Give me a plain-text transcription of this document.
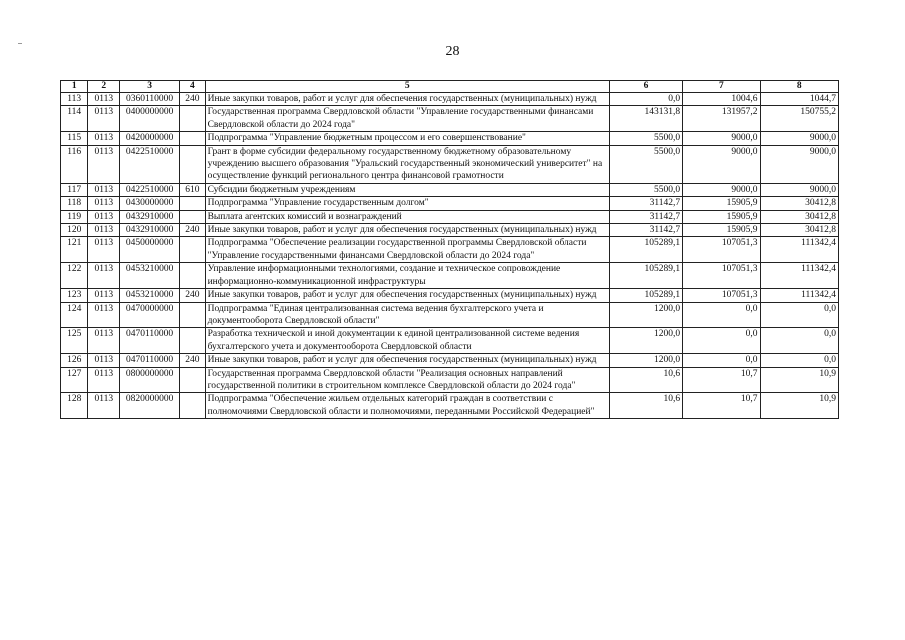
28
1	2	3	4	5	6	7	8
113	0113	0360110000	240	Иные закупки товаров, работ и услуг для обеспечения государственных (муниципальных) нужд	0,0	1004,6	1044,7
114	0113	0400000000		Государственная программа Свердловской области "Управление государственными финансами Свердловской области до 2024 года"	143131,8	131957,2	150755,2
115	0113	0420000000		Подпрограмма "Управление бюджетным процессом и его совершенствование"	5500,0	9000,0	9000,0
116	0113	0422510000		Грант в форме субсидии федеральному государственному бюджетному образовательному учреждению высшего образования "Уральский государственный экономический университет" на осуществление функций регионального центра финансовой грамотности	5500,0	9000,0	9000,0
117	0113	0422510000	610	Субсидии бюджетным учреждениям	5500,0	9000,0	9000,0
118	0113	0430000000		Подпрограмма "Управление государственным долгом"	31142,7	15905,9	30412,8
119	0113	0432910000		Выплата агентских комиссий и вознаграждений	31142,7	15905,9	30412,8
120	0113	0432910000	240	Иные закупки товаров, работ и услуг для обеспечения государственных (муниципальных) нужд	31142,7	15905,9	30412,8
121	0113	0450000000		Подпрограмма "Обеспечение реализации государственной программы Свердловской области "Управление государственными финансами Свердловской области до 2024 года"	105289,1	107051,3	111342,4
122	0113	0453210000		Управление информационными технологиями, создание и техническое сопровождение информационно-коммуникационной инфраструктуры	105289,1	107051,3	111342,4
123	0113	0453210000	240	Иные закупки товаров, работ и услуг для обеспечения государственных (муниципальных) нужд	105289,1	107051,3	111342,4
124	0113	0470000000		Подпрограмма "Единая централизованная система ведения бухгалтерского учета и документооборота Свердловской области"	1200,0	0,0	0,0
125	0113	0470110000		Разработка технической и иной документации к единой централизованной системе ведения бухгалтерского учета и документооборота Свердловской области	1200,0	0,0	0,0
126	0113	0470110000	240	Иные закупки товаров, работ и услуг для обеспечения государственных (муниципальных) нужд	1200,0	0,0	0,0
127	0113	0800000000		Государственная программа Свердловской области "Реализация основных направлений государственной политики в строительном комплексе Свердловской области до 2024 года"	10,6	10,7	10,9
128	0113	0820000000		Подпрограмма "Обеспечение жильем отдельных категорий граждан в соответствии с полномочиями Свердловской области и полномочиями, переданными Российской Федерацией"	10,6	10,7	10,9
